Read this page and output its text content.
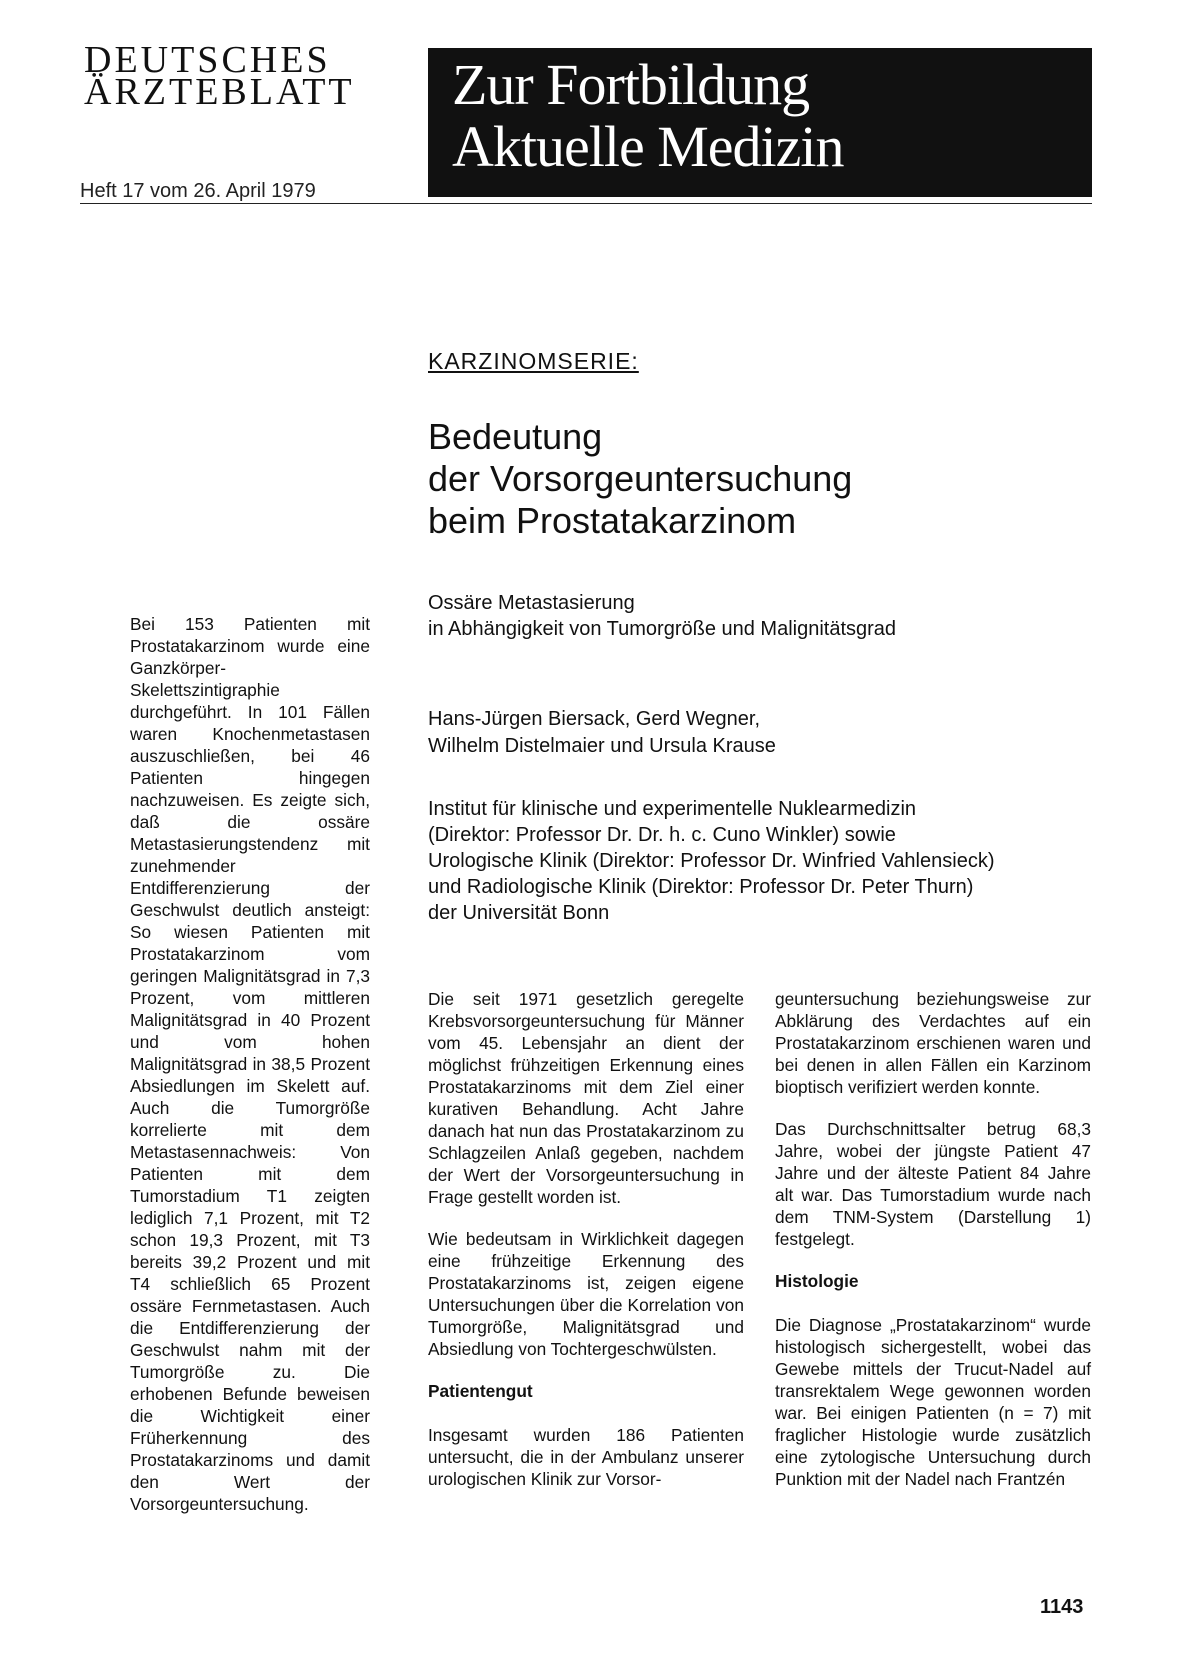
DEUTSCHES
ÄRZTEBLATT
Heft 17 vom 26. April 1979
Zur Fortbildung
Aktuelle Medizin
KARZINOMSERIE:
Bedeutung
der Vorsorgeuntersuchung
beim Prostatakarzinom
Ossäre Metastasierung
in Abhängigkeit von Tumorgröße und Malignitätsgrad
Hans-Jürgen Biersack, Gerd Wegner,
Wilhelm Distelmaier und Ursula Krause
Institut für klinische und experimentelle Nuklearmedizin
(Direktor: Professor Dr. Dr. h. c. Cuno Winkler) sowie
Urologische Klinik (Direktor: Professor Dr. Winfried Vahlensieck)
und Radiologische Klinik (Direktor: Professor Dr. Peter Thurn)
der Universität Bonn

Bei 153 Patienten mit Prostatakarzinom wurde eine Ganzkörper-Skelettszintigraphie durchgeführt. In 101 Fällen waren Knochenmetastasen auszuschließen, bei 46 Patienten hingegen nachzuweisen. Es zeigte sich, daß die ossäre Metastasierungstendenz mit zunehmender Entdifferenzierung der Geschwulst deutlich ansteigt: So wiesen Patienten mit Prostatakarzinom vom geringen Malignitätsgrad in 7,3 Prozent, vom mittleren Malignitätsgrad in 40 Prozent und vom hohen Malignitätsgrad in 38,5 Prozent Absiedlungen im Skelett auf. Auch die Tumorgröße korrelierte mit dem Metastasennachweis: Von Patienten mit dem Tumorstadium T1 zeigten lediglich 7,1 Prozent, mit T2 schon 19,3 Prozent, mit T3 bereits 39,2 Prozent und mit T4 schließlich 65 Prozent ossäre Fernmetastasen. Auch die Entdifferenzierung der Geschwulst nahm mit der Tumorgröße zu. Die erhobenen Befunde beweisen die Wichtigkeit einer Früherkennung des Prostatakarzinoms und damit den Wert der Vorsorgeuntersuchung.

Die seit 1971 gesetzlich geregelte Krebsvorsorgeuntersuchung für Männer vom 45. Lebensjahr an dient der möglichst frühzeitigen Erkennung eines Prostatakarzinoms mit dem Ziel einer kurativen Behandlung. Acht Jahre danach hat nun das Prostatakarzinom zu Schlagzeilen Anlaß gegeben, nachdem der Wert der Vorsorgeuntersuchung in Frage gestellt worden ist.

Wie bedeutsam in Wirklichkeit dagegen eine frühzeitige Erkennung des Prostatakarzinoms ist, zeigen eigene Untersuchungen über die Korrelation von Tumorgröße, Malignitätsgrad und Absiedlung von Tochtergeschwülsten.

Patientengut

Insgesamt wurden 186 Patienten untersucht, die in der Ambulanz unserer urologischen Klinik zur Vorsor-

geuntersuchung beziehungsweise zur Abklärung des Verdachtes auf ein Prostatakarzinom erschienen waren und bei denen in allen Fällen ein Karzinom bioptisch verifiziert werden konnte.

Das Durchschnittsalter betrug 68,3 Jahre, wobei der jüngste Patient 47 Jahre und der älteste Patient 84 Jahre alt war. Das Tumorstadium wurde nach dem TNM-System (Darstellung 1) festgelegt.

Histologie

Die Diagnose „Prostatakarzinom“ wurde histologisch sichergestellt, wobei das Gewebe mittels der Trucut-Nadel auf transrektalem Wege gewonnen worden war. Bei einigen Patienten (n = 7) mit fraglicher Histologie wurde zusätzlich eine zytologische Untersuchung durch Punktion mit der Nadel nach Frantzén

1143
